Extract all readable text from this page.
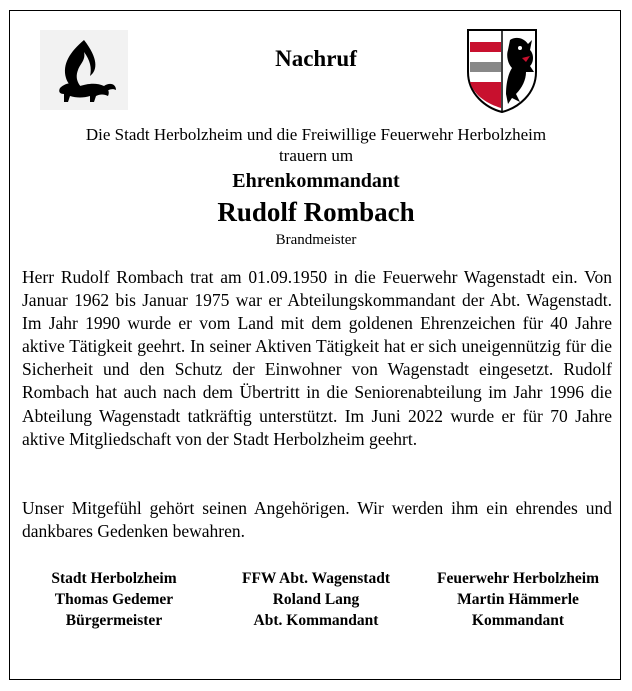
Nachruf
Die Stadt Herbolzheim und die Freiwillige Feuerwehr Herbolzheim
trauern um
Ehrenkommandant
Rudolf Rombach
Brandmeister
Herr Rudolf Rombach trat am 01.09.1950 in die Feuerwehr Wagenstadt ein. Von Januar 1962 bis Januar 1975 war er Abteilungskommandant der Abt. Wagenstadt. Im Jahr 1990 wurde er vom Land mit dem goldenen Ehrenzeichen für 40 Jahre aktive Tätigkeit geehrt. In seiner Aktiven Tätigkeit hat er sich uneigennützig für die Sicherheit und den Schutz der Einwohner von Wagenstadt eingesetzt. Rudolf Rombach hat auch nach dem Übertritt in die Seniorenabteilung im Jahr 1996 die Abteilung Wagenstadt tatkräftig unterstützt. Im Juni 2022 wurde er für 70 Jahre aktive Mitgliedschaft von der Stadt Herbolzheim geehrt.
Unser Mitgefühl gehört seinen Angehörigen. Wir werden ihm ein ehrendes und dankbares Gedenken bewahren.
Stadt Herbolzheim
Thomas Gedemer
Bürgermeister
FFW Abt. Wagenstadt
Roland Lang
Abt. Kommandant
Feuerwehr Herbolzheim
Martin Hämmerle
Kommandant
